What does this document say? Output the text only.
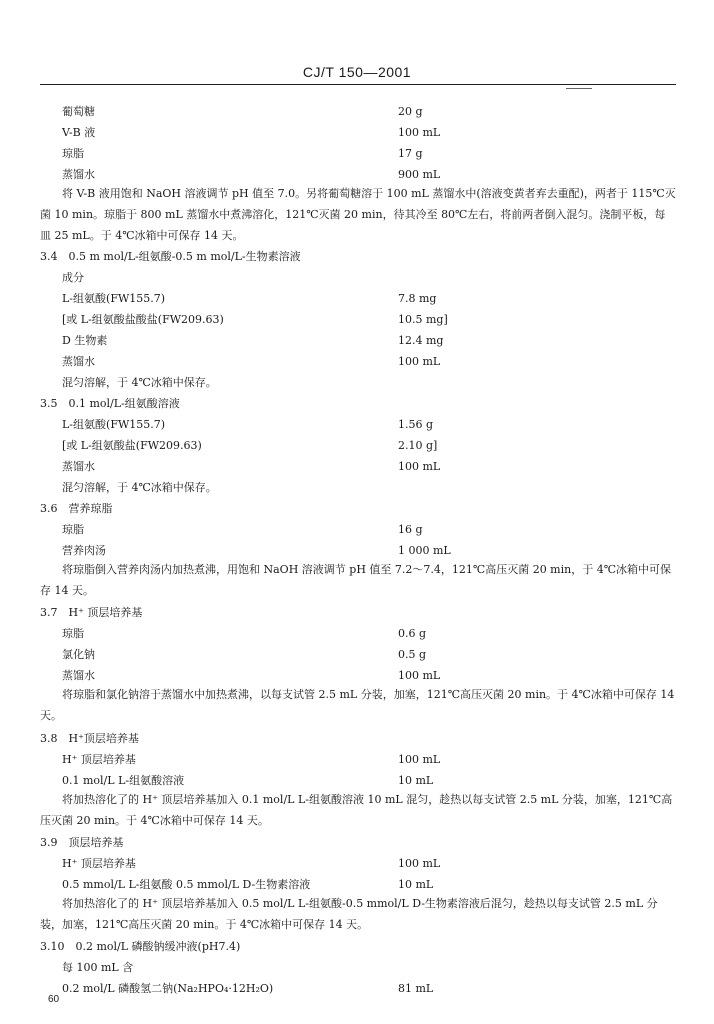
CJ/T 150—2001
葡萄糖	20 g
V-B 液	100 mL
琼脂	17 g
蒸馏水	900 mL
将 V-B 液用饱和 NaOH 溶液调节 pH 值至 7.0。另将葡萄糖溶于 100 mL 蒸馏水中(溶液变黄者弃去重配)，两者于 115℃灭菌 10 min。琼脂于 800 mL 蒸馏水中煮沸溶化，121℃灭菌 20 min，待其冷至 80℃左右，将前两者倒入混匀。浇制平板，每皿 25 mL。于 4℃冰箱中可保存 14 天。
3.4　0.5 m mol/L-组氨酸-0.5 m mol/L-生物素溶液
成分
L-组氨酸(FW155.7)	7.8 mg
[或 L-组氨酸盐酸盐(FW209.63)	10.5 mg]
D 生物素	12.4 mg
蒸馏水	100 mL
混匀溶解，于 4℃冰箱中保存。
3.5　0.1 mol/L-组氨酸溶液
L-组氨酸(FW155.7)	1.56 g
[或 L-组氨酸盐(FW209.63)	2.10 g]
蒸馏水	100 mL
混匀溶解，于 4℃冰箱中保存。
3.6　营养琼脂
琼脂	16 g
营养肉汤	1 000 mL
将琼脂倒入营养肉汤内加热煮沸，用饱和 NaOH 溶液调节 pH 值至 7.2～7.4，121℃高压灭菌 20 min，于 4℃冰箱中可保存 14 天。
3.7　H⁺ 顶层培养基
琼脂	0.6 g
氯化钠	0.5 g
蒸馏水	100 mL
将琼脂和氯化钠溶于蒸馏水中加热煮沸，以每支试管 2.5 mL 分装，加塞，121℃高压灭菌 20 min。于 4℃冰箱中可保存 14 天。
3.8　H⁺顶层培养基
H⁺ 顶层培养基	100 mL
0.1 mol/L L-组氨酸溶液	10 mL
将加热溶化了的 H⁺ 顶层培养基加入 0.1 mol/L L-组氨酸溶液 10 mL 混匀，趁热以每支试管 2.5 mL 分装，加塞，121℃高压灭菌 20 min。于 4℃冰箱中可保存 14 天。
3.9　顶层培养基
H⁺ 顶层培养基	100 mL
0.5 mmol/L L-组氨酸 0.5 mmol/L D-生物素溶液	10 mL
将加热溶化了的 H⁺ 顶层培养基加入 0.5 mol/L L-组氨酸-0.5 mmol/L D-生物素溶液后混匀，趁热以每支试管 2.5 mL 分装，加塞，121℃高压灭菌 20 min。于 4℃冰箱中可保存 14 天。
3.10　0.2 mol/L 磷酸钠缓冲液(pH7.4)
每 100 mL 含
0.2 mol/L 磷酸氢二钠(Na₂HPO₄·12H₂O)	81 mL
60
